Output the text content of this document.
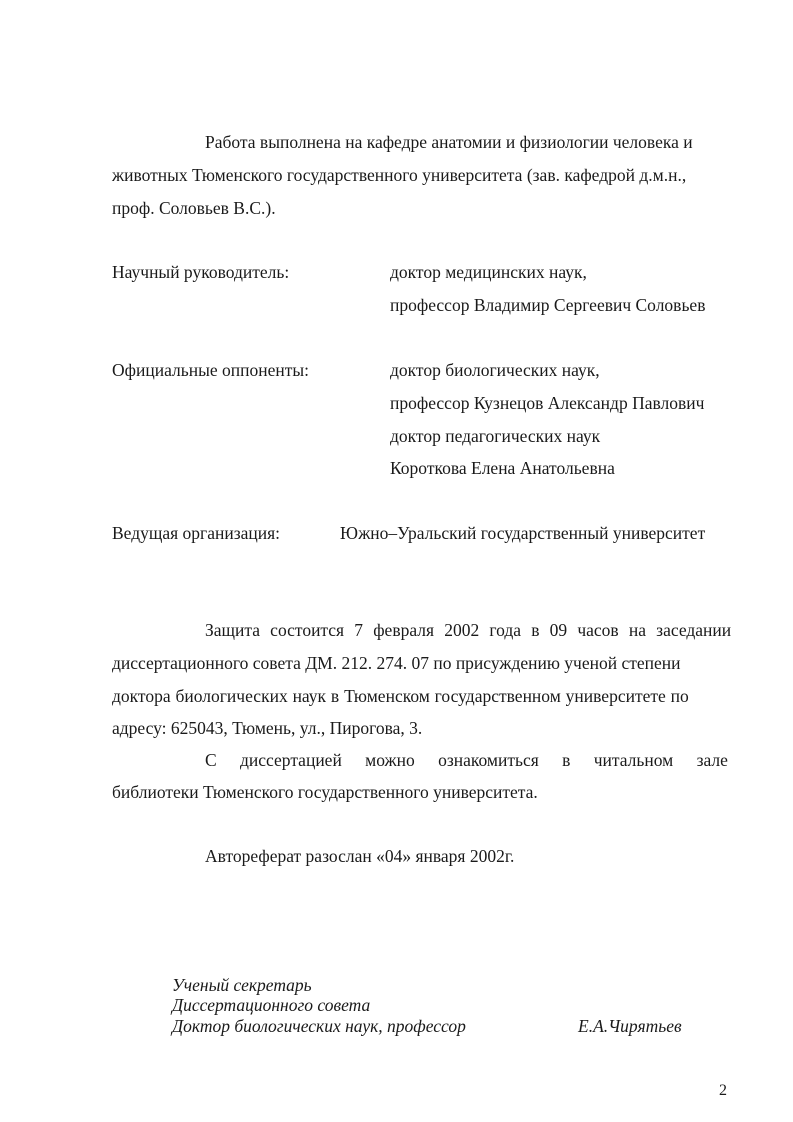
Работа выполнена на кафедре анатомии и физиологии человека и
животных Тюменского государственного университета (зав. кафедрой д.м.н.,
проф. Соловьев В.С.).
Научный руководитель:	доктор медицинских наук,
профессор Владимир Сергеевич Соловьев
Официальные оппоненты:	доктор биологических наук,
профессор Кузнецов Александр Павлович
доктор педагогических наук
Короткова Елена Анатольевна
Ведущая организация:	Южно–Уральский государственный университет
Защита состоится 7 февраля 2002 года в 09 часов на заседании
диссертационного совета ДМ. 212. 274. 07 по присуждению ученой степени
доктора биологических наук в Тюменском государственном университете по
адресу: 625043, Тюмень, ул., Пирогова, 3.
С диссертацией можно ознакомиться в читальном зале
библиотеки Тюменского государственного университета.
Автореферат разослан «04» января 2002г.
Ученый секретарь
Диссертационного совета
Доктор биологических наук, профессор	Е.А.Чирятьев
2
